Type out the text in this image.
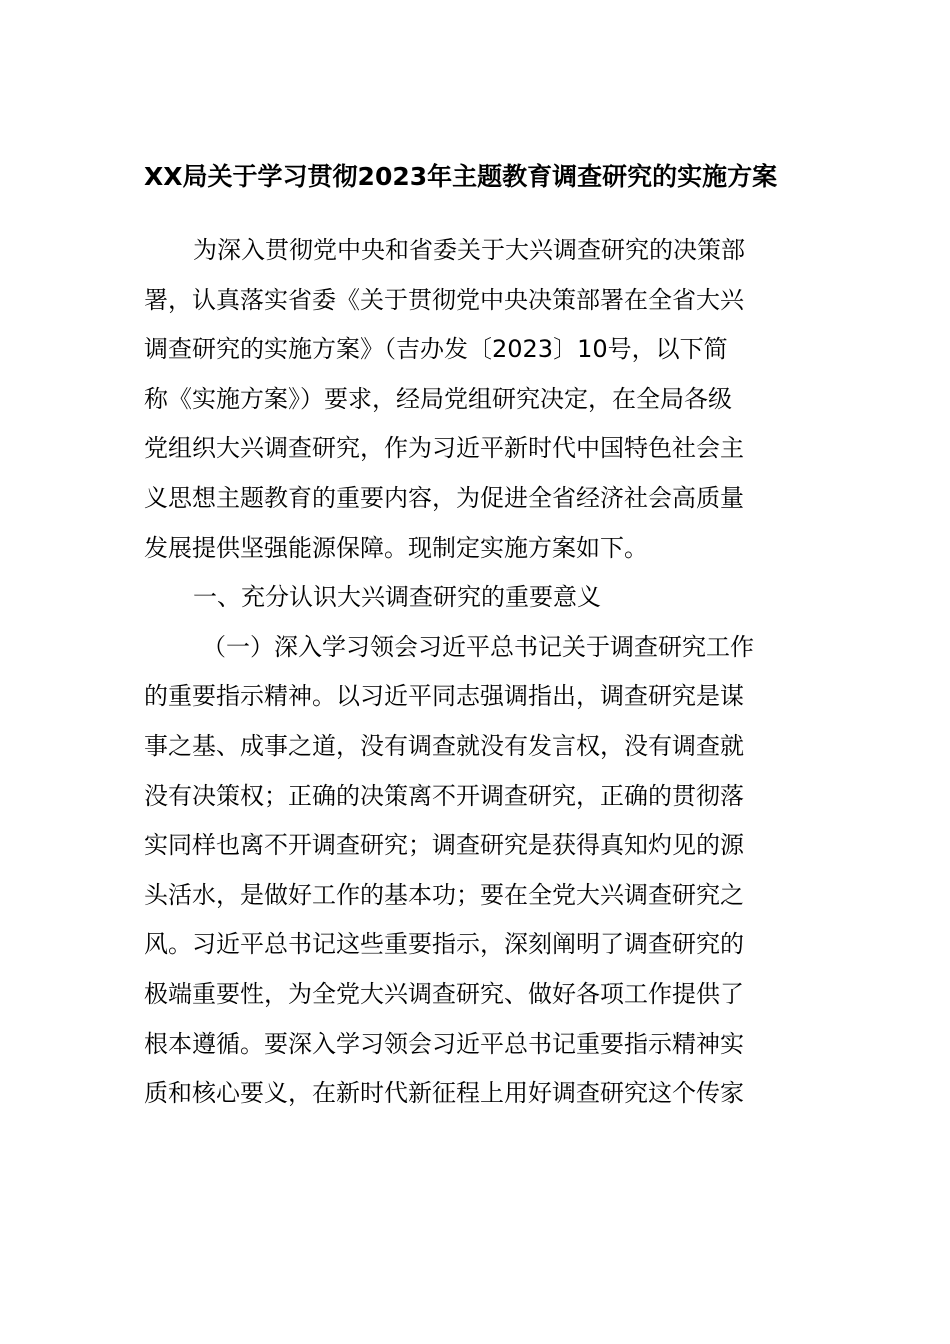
XX局关于学习贯彻2023年主题教育调查研究的实施方案
为深入贯彻党中央和省委关于大兴调查研究的决策部
署，认真落实省委《关于贯彻党中央决策部署在全省大兴
调查研究的实施方案》（吉办发〔2023〕10号，以下简
称《实施方案》）要求，经局党组研究决定，在全局各级
党组织大兴调查研究，作为习近平新时代中国特色社会主
义思想主题教育的重要内容，为促进全省经济社会高质量
发展提供坚强能源保障。现制定实施方案如下。
一、充分认识大兴调查研究的重要意义
（一）深入学习领会习近平总书记关于调查研究工作
的重要指示精神。以习近平同志强调指出，调查研究是谋
事之基、成事之道，没有调查就没有发言权，没有调查就
没有决策权；正确的决策离不开调查研究，正确的贯彻落
实同样也离不开调查研究；调查研究是获得真知灼见的源
头活水，是做好工作的基本功；要在全党大兴调查研究之
风。习近平总书记这些重要指示，深刻阐明了调查研究的
极端重要性，为全党大兴调查研究、做好各项工作提供了
根本遵循。要深入学习领会习近平总书记重要指示精神实
质和核心要义，在新时代新征程上用好调查研究这个传家
